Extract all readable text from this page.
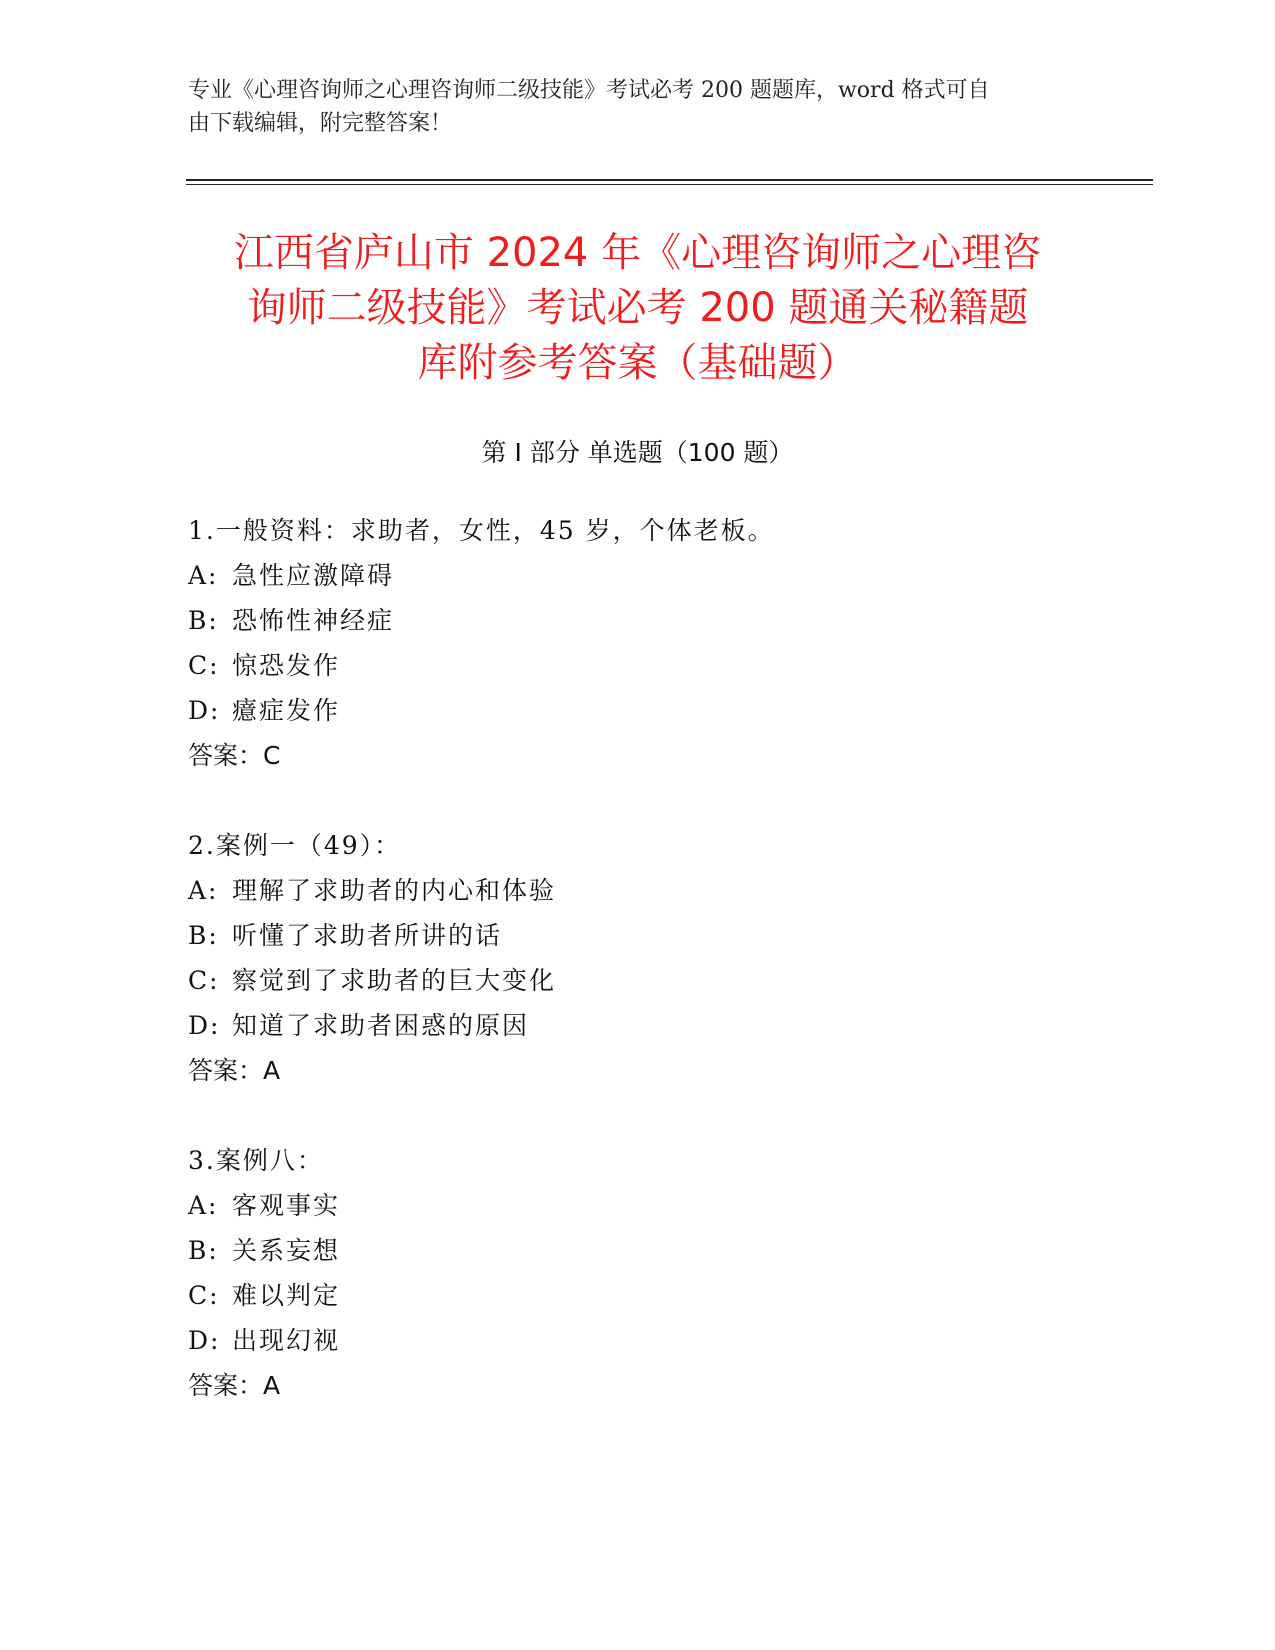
专业《心理咨询师之心理咨询师二级技能》考试必考 200 题题库，word 格式可自
由下载编辑，附完整答案！
江西省庐山市 2024 年《心理咨询师之心理咨
询师二级技能》考试必考 200 题通关秘籍题
库附参考答案（基础题）
第 I 部分 单选题（100 题）

1.一般资料：求助者，女性，45 岁，个体老板。

A: 急性应激障碍

B: 恐怖性神经症

C: 惊恐发作

D: 癔症发作

答案：C

2.案例一（49）：

A: 理解了求助者的内心和体验

B: 听懂了求助者所讲的话

C: 察觉到了求助者的巨大变化

D: 知道了求助者困惑的原因

答案：A

3.案例八：

A: 客观事实

B: 关系妄想

C: 难以判定

D: 出现幻视

答案：A
